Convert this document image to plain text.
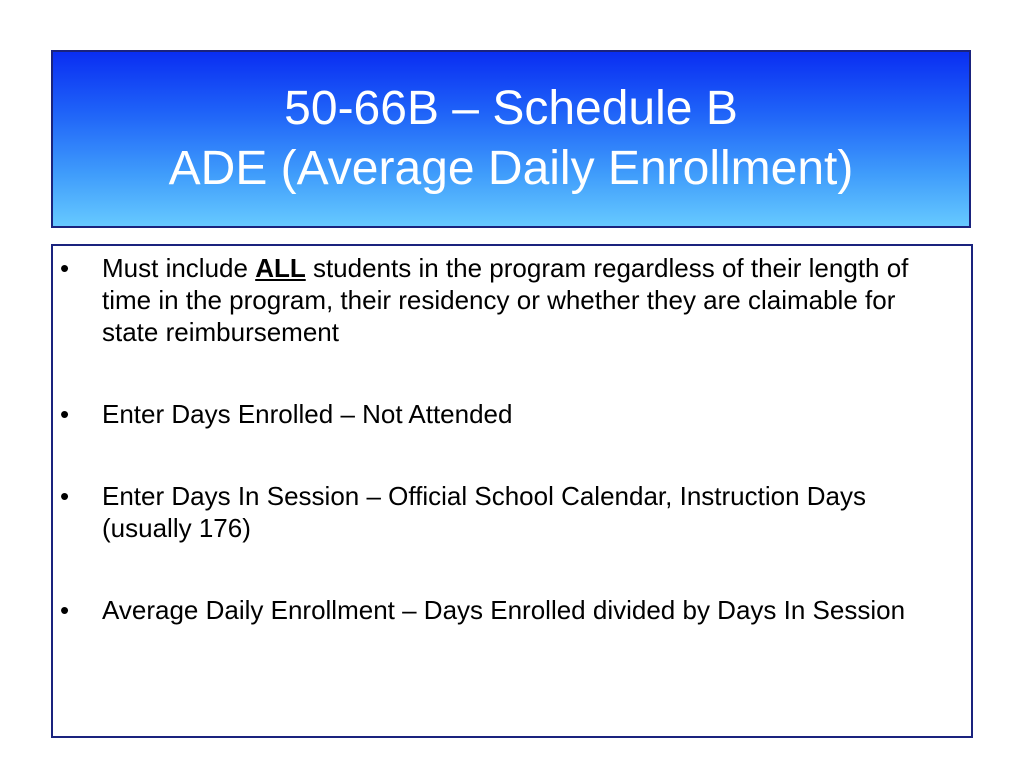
50-66B – Schedule B
ADE (Average Daily Enrollment)
• Must include ALL students in the program regardless of their length of time in the program, their residency or whether they are claimable for state reimbursement
• Enter Days Enrolled – Not Attended
• Enter Days In Session – Official School Calendar, Instruction Days (usually 176)
• Average Daily Enrollment – Days Enrolled divided by Days In Session
